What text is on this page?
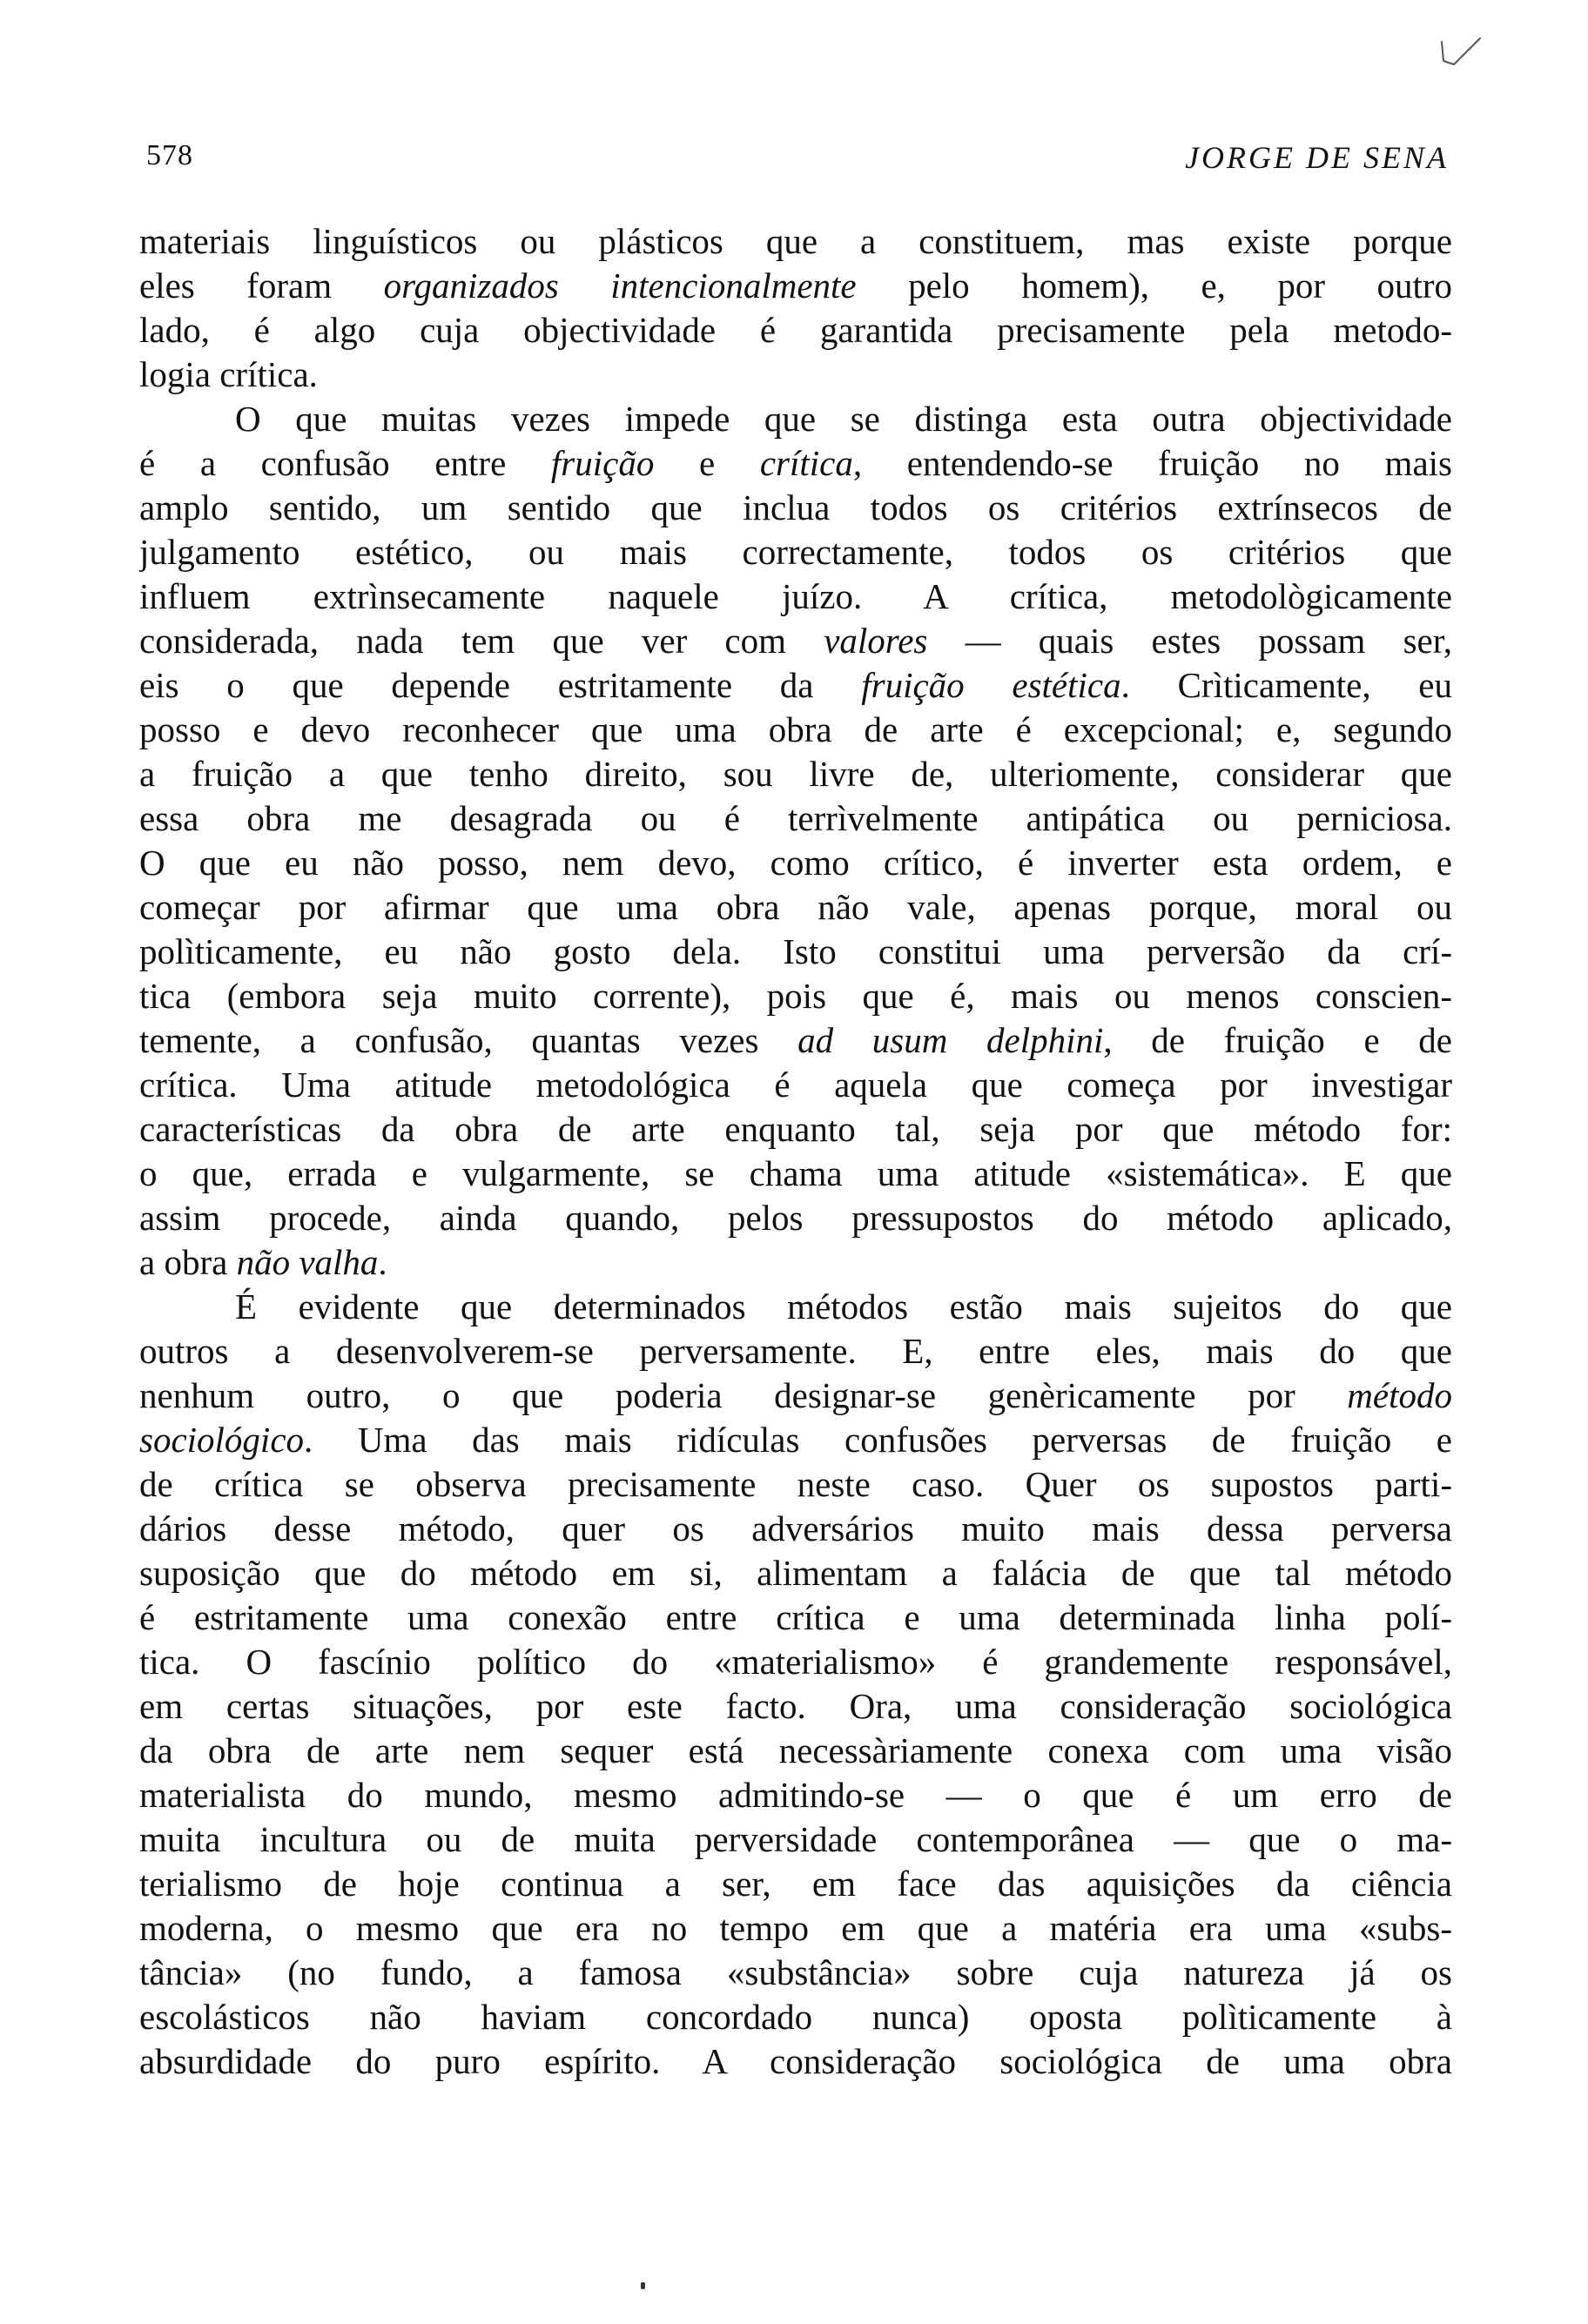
578	JORGE DE SENA
materiais linguísticos ou plásticos que a constituem, mas existe porque
eles foram organizados intencionalmente pelo homem), e, por outro
lado, é algo cuja objectividade é garantida precisamente pela metodo-
logia crítica.
O que muitas vezes impede que se distinga esta outra objectividade
é a confusão entre fruição e crítica, entendendo-se fruição no mais
amplo sentido, um sentido que inclua todos os critérios extrínsecos de
julgamento estético, ou mais correctamente, todos os critérios que
influem extrìnsecamente naquele juízo. A crítica, metodològicamente
considerada, nada tem que ver com valores — quais estes possam ser,
eis o que depende estritamente da fruição estética. Crìticamente, eu
posso e devo reconhecer que uma obra de arte é excepcional; e, segundo
a fruição a que tenho direito, sou livre de, ulteriomente, considerar que
essa obra me desagrada ou é terrìvelmente antipática ou perniciosa.
O que eu não posso, nem devo, como crítico, é inverter esta ordem, e
começar por afirmar que uma obra não vale, apenas porque, moral ou
polìticamente, eu não gosto dela. Isto constitui uma perversão da crí-
tica (embora seja muito corrente), pois que é, mais ou menos conscien-
temente, a confusão, quantas vezes ad usum delphini, de fruição e de
crítica. Uma atitude metodológica é aquela que começa por investigar
características da obra de arte enquanto tal, seja por que método for:
o que, errada e vulgarmente, se chama uma atitude «sistemática». E que
assim procede, ainda quando, pelos pressupostos do método aplicado,
a obra não valha.
É evidente que determinados métodos estão mais sujeitos do que
outros a desenvolverem-se perversamente. E, entre eles, mais do que
nenhum outro, o que poderia designar-se genèricamente por método
sociológico. Uma das mais ridículas confusões perversas de fruição e
de crítica se observa precisamente neste caso. Quer os supostos parti-
dários desse método, quer os adversários muito mais dessa perversa
suposição que do método em si, alimentam a falácia de que tal método
é estritamente uma conexão entre crítica e uma determinada linha polí-
tica. O fascínio político do «materialismo» é grandemente responsável,
em certas situações, por este facto. Ora, uma consideração sociológica
da obra de arte nem sequer está necessàriamente conexa com uma visão
materialista do mundo, mesmo admitindo-se — o que é um erro de
muita incultura ou de muita perversidade contemporânea — que o ma-
terialismo de hoje continua a ser, em face das aquisições da ciência
moderna, o mesmo que era no tempo em que a matéria era uma «subs-
tância» (no fundo, a famosa «substância» sobre cuja natureza já os
escolásticos não haviam concordado nunca) oposta polìticamente à
absurdidade do puro espírito. A consideração sociológica de uma obra
